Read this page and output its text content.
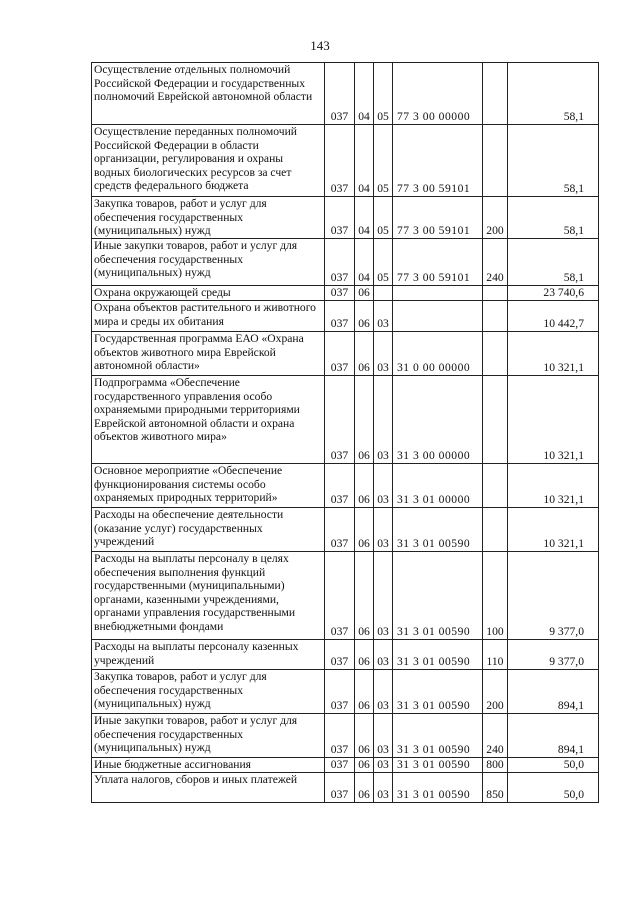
143
Осуществление отдельных полномочий Российской Федерации и государственных полномочий Еврейской автономной области	037	04	05	77 3 00 00000		58,1
Осуществление переданных полномочий Российской Федерации в области организации, регулирования и охраны водных биологических ресурсов за счет средств федерального бюджета	037	04	05	77 3 00 59101		58,1
Закупка товаров, работ и услуг для обеспечения государственных (муниципальных) нужд	037	04	05	77 3 00 59101	200	58,1
Иные закупки товаров, работ и услуг для обеспечения государственных (муниципальных) нужд	037	04	05	77 3 00 59101	240	58,1
Охрана окружающей среды	037	06				23 740,6
Охрана объектов растительного и животного мира и среды их обитания	037	06	03			10 442,7
Государственная программа ЕАО «Охрана объектов животного мира Еврейской автономной области»	037	06	03	31 0 00 00000		10 321,1
Подпрограмма «Обеспечение государственного управления особо охраняемыми природными территориями Еврейской автономной области и охрана объектов животного мира»	037	06	03	31 3 00 00000		10 321,1
Основное мероприятие «Обеспечение функционирования системы особо охраняемых природных территорий»	037	06	03	31 3 01 00000		10 321,1
Расходы на обеспечение деятельности (оказание услуг) государственных учреждений	037	06	03	31 3 01 00590		10 321,1
Расходы на выплаты персоналу в целях обеспечения выполнения функций государственными (муниципальными) органами, казенными учреждениями, органами управления государственными внебюджетными фондами	037	06	03	31 3 01 00590	100	9 377,0
Расходы на выплаты персоналу казенных учреждений	037	06	03	31 3 01 00590	110	9 377,0
Закупка товаров, работ и услуг для обеспечения государственных (муниципальных) нужд	037	06	03	31 3 01 00590	200	894,1
Иные закупки товаров, работ и услуг для обеспечения государственных (муниципальных) нужд	037	06	03	31 3 01 00590	240	894,1
Иные бюджетные ассигнования	037	06	03	31 3 01 00590	800	50,0
Уплата налогов, сборов и иных платежей	037	06	03	31 3 01 00590	850	50,0
